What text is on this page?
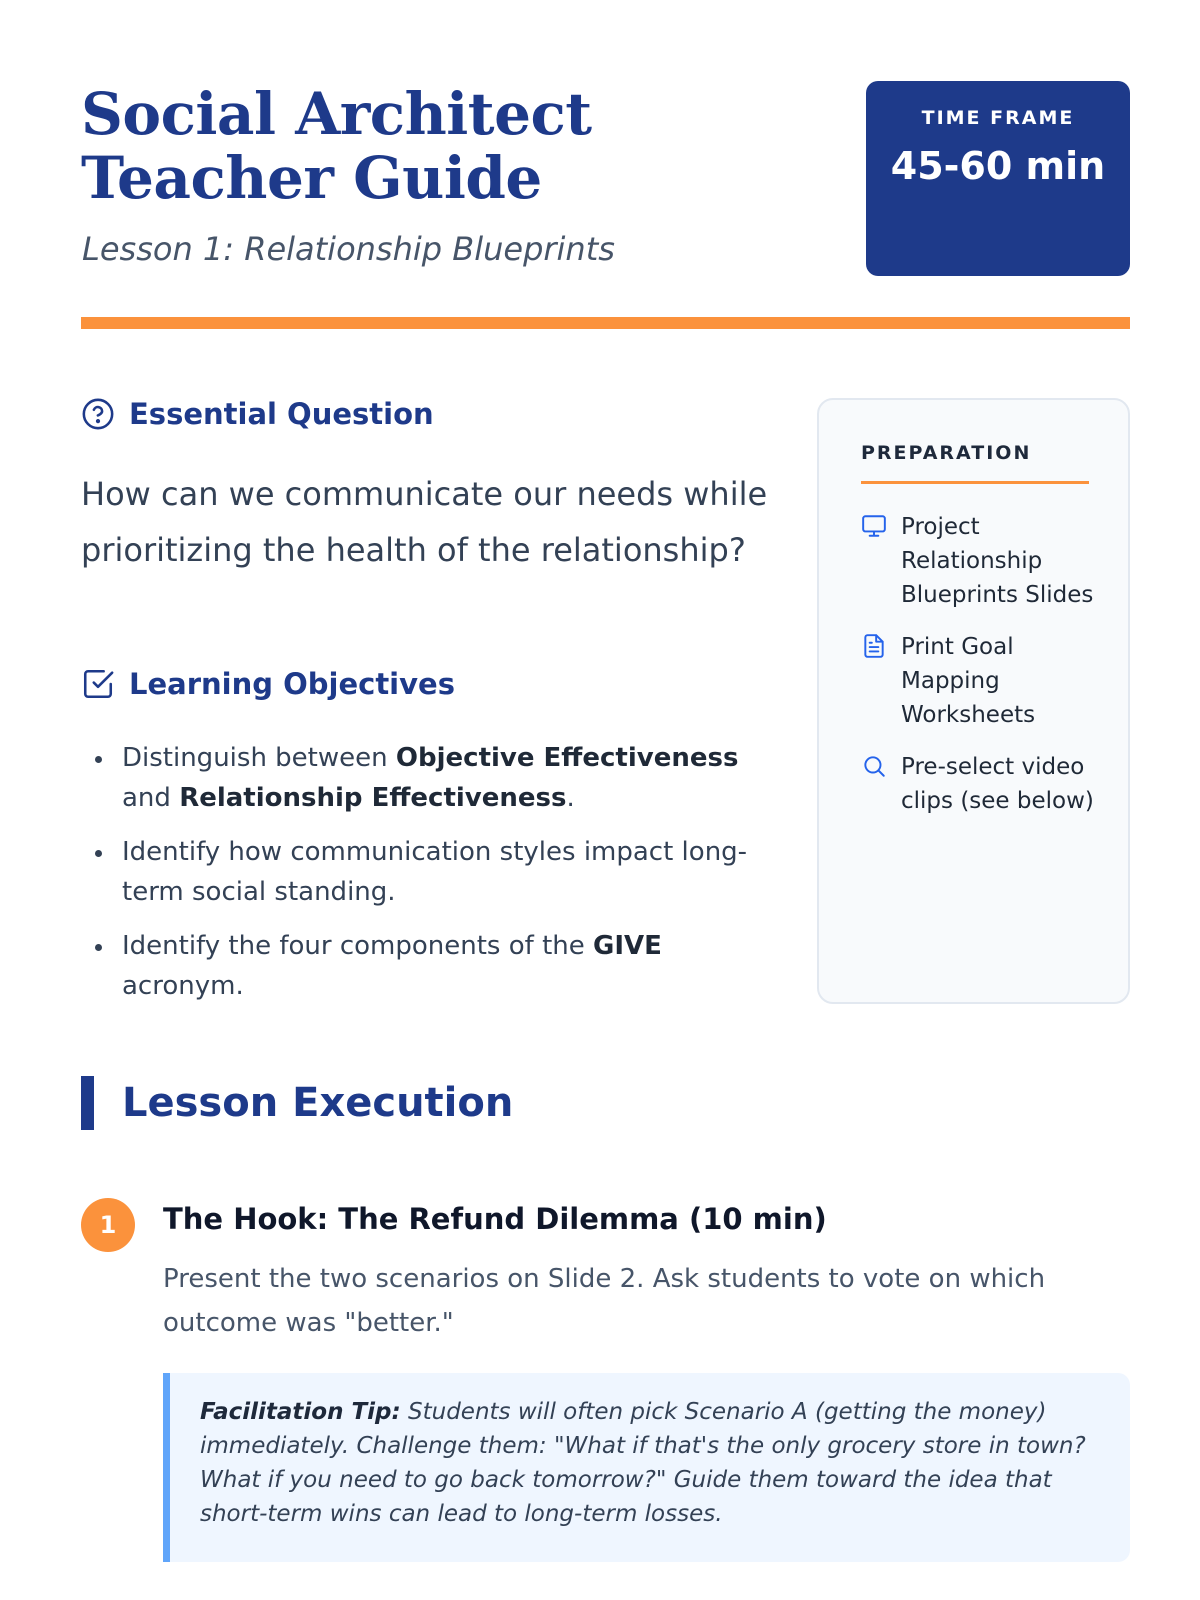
Social Architect Teacher Guide
Lesson 1: Relationship Blueprints
TIME FRAME
45-60 min
Essential Question
How can we communicate our needs while prioritizing the health of the relationship?
Learning Objectives
Distinguish between Objective Effectiveness and Relationship Effectiveness.
Identify how communication styles impact long-term social standing.
Identify the four components of the GIVE acronym.
PREPARATION
Project Relationship Blueprints Slides
Print Goal Mapping Worksheets
Pre-select video clips (see below)
Lesson Execution
1	The Hook: The Refund Dilemma (10 min)
Present the two scenarios on Slide 2. Ask students to vote on which outcome was "better."
Facilitation Tip: Students will often pick Scenario A (getting the money) immediately. Challenge them: "What if that's the only grocery store in town? What if you need to go back tomorrow?" Guide them toward the idea that short-term wins can lead to long-term losses.
